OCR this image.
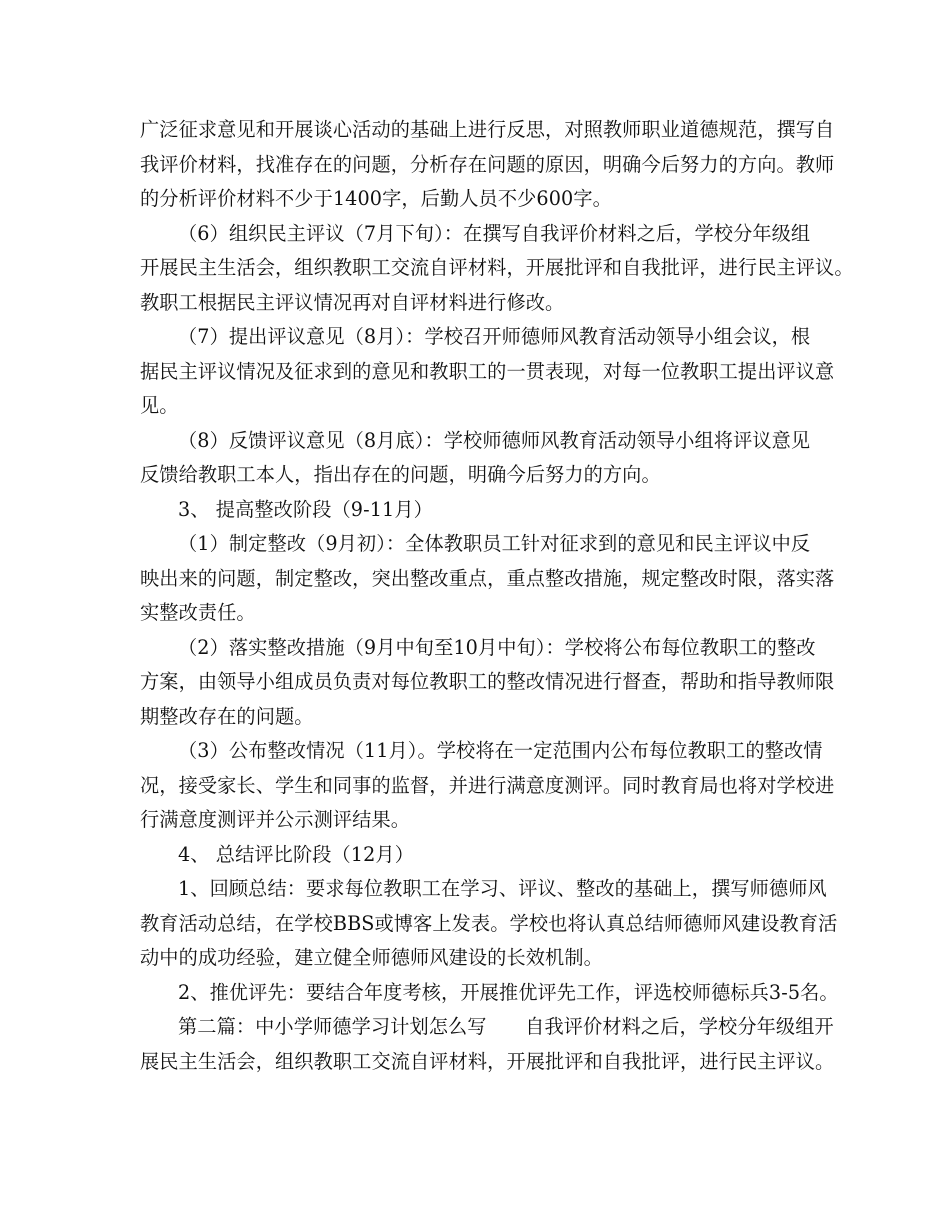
广泛征求意见和开展谈心活动的基础上进行反思，对照教师职业道德规范，撰写自
我评价材料，找准存在的问题，分析存在问题的原因，明确今后努力的方向。教师
的分析评价材料不少于1400字，后勤人员不少600字。
（6）组织民主评议（7月下旬）：在撰写自我评价材料之后，学校分年级组
开展民主生活会，组织教职工交流自评材料，开展批评和自我批评，进行民主评议。
教职工根据民主评议情况再对自评材料进行修改。
（7）提出评议意见（8月）：学校召开师德师风教育活动领导小组会议，根
据民主评议情况及征求到的意见和教职工的一贯表现，对每一位教职工提出评议意
见。
（8）反馈评议意见（8月底）：学校师德师风教育活动领导小组将评议意见
反馈给教职工本人，指出存在的问题，明确今后努力的方向。
3、 提高整改阶段（9-11月）
（1）制定整改（9月初）：全体教职员工针对征求到的意见和民主评议中反
映出来的问题，制定整改，突出整改重点，重点整改措施，规定整改时限，落实落
实整改责任。
（2）落实整改措施（9月中旬至10月中旬）：学校将公布每位教职工的整改
方案，由领导小组成员负责对每位教职工的整改情况进行督查，帮助和指导教师限
期整改存在的问题。
（3）公布整改情况（11月）。学校将在一定范围内公布每位教职工的整改情
况，接受家长、学生和同事的监督，并进行满意度测评。同时教育局也将对学校进
行满意度测评并公示测评结果。
4、 总结评比阶段（12月）
1、回顾总结：要求每位教职工在学习、评议、整改的基础上，撰写师德师风
教育活动总结，在学校BBS或博客上发表。学校也将认真总结师德师风建设教育活
动中的成功经验，建立健全师德师风建设的长效机制。
2、推优评先：要结合年度考核，开展推优评先工作，评选校师德标兵3-5名。
第二篇：中小学师德学习计划怎么写　　自我评价材料之后，学校分年级组开
展民主生活会，组织教职工交流自评材料，开展批评和自我批评，进行民主评议。
